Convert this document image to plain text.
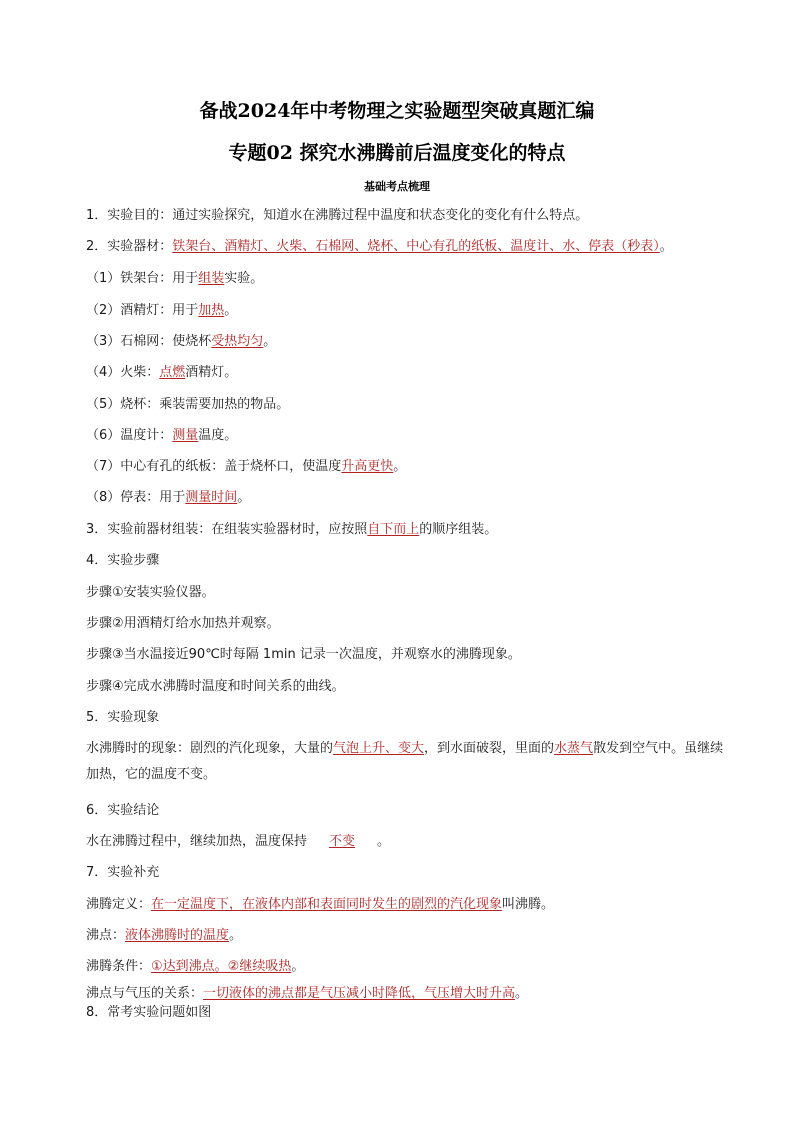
备战2024年中考物理之实验题型突破真题汇编
专题02 探究水沸腾前后温度变化的特点
基础考点梳理
1．实验目的：通过实验探究，知道水在沸腾过程中温度和状态变化的变化有什么特点。
2．实验器材：铁架台、酒精灯、火柴、石棉网、烧杯、中心有孔的纸板、温度计、水、停表（秒表）。
（1）铁架台：用于组装实验。
（2）酒精灯：用于加热。
（3）石棉网：使烧杯受热均匀。
（4）火柴：点燃酒精灯。
（5）烧杯：乘装需要加热的物品。
（6）温度计：测量温度。
（7）中心有孔的纸板：盖于烧杯口，使温度升高更快。
（8）停表：用于测量时间。
3．实验前器材组装：在组装实验器材时，应按照自下而上的顺序组装。
4．实验步骤
步骤①安装实验仪器。
步骤②用酒精灯给水加热并观察。
步骤③当水温接近90℃时每隔 1min 记录一次温度，并观察水的沸腾现象。
步骤④完成水沸腾时温度和时间关系的曲线。
5．实验现象
水沸腾时的现象：剧烈的汽化现象，大量的气泡上升、变大，到水面破裂，里面的水蒸气散发到空气中。虽继续加热，它的温度不变。
6．实验结论
水在沸腾过程中，继续加热，温度保持 不变 。
7．实验补充
沸腾定义：在一定温度下，在液体内部和表面同时发生的剧烈的汽化现象叫沸腾。
沸点：液体沸腾时的温度。
沸腾条件：①达到沸点。②继续吸热。
沸点与气压的关系：一切液体的沸点都是气压减小时降低，气压增大时升高。
8．常考实验问题如图
